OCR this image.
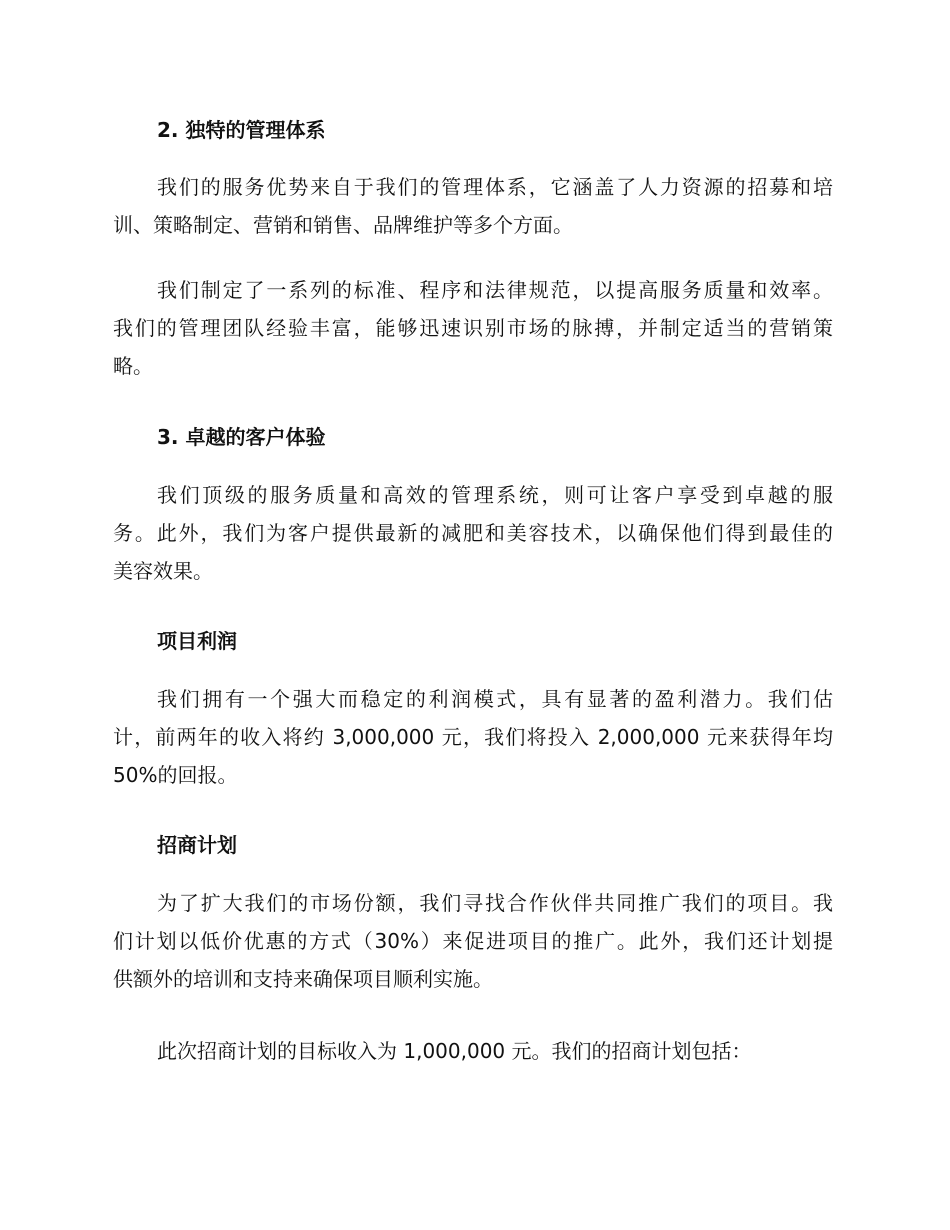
2. 独特的管理体系
我们的服务优势来自于我们的管理体系，它涵盖了人力资源的招募和培
训、策略制定、营销和销售、品牌维护等多个方面。
我们制定了一系列的标准、程序和法律规范，以提高服务质量和效率。
我们的管理团队经验丰富，能够迅速识别市场的脉搏，并制定适当的营销策
略。
3. 卓越的客户体验
我们顶级的服务质量和高效的管理系统，则可让客户享受到卓越的服
务。此外，我们为客户提供最新的减肥和美容技术，以确保他们得到最佳的
美容效果。
项目利润
我们拥有一个强大而稳定的利润模式，具有显著的盈利潜力。我们估
计，前两年的收入将约 3,000,000 元，我们将投入 2,000,000 元来获得年均
50%的回报。
招商计划
为了扩大我们的市场份额，我们寻找合作伙伴共同推广我们的项目。我
们计划以低价优惠的方式（30%）来促进项目的推广。此外，我们还计划提
供额外的培训和支持来确保项目顺利实施。
此次招商计划的目标收入为 1,000,000 元。我们的招商计划包括：
